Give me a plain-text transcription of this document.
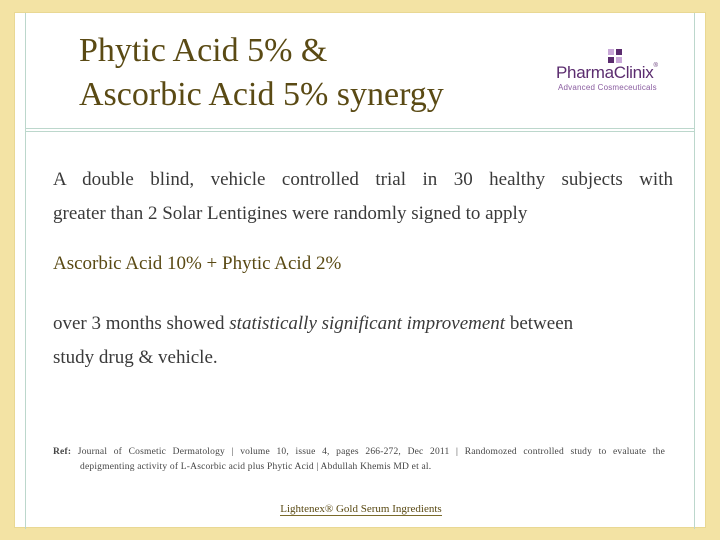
Phytic Acid 5% &
Ascorbic Acid 5% synergy
PharmaClinix®
Advanced Cosmeceuticals
A double blind, vehicle controlled trial in 30 healthy subjects with
greater than 2 Solar Lentigines were randomly signed to apply
Ascorbic Acid 10% + Phytic Acid 2%
over 3 months showed statistically significant improvement between
study drug & vehicle.
Ref: Journal of Cosmetic Dermatology | volume 10, issue 4, pages 266-272, Dec 2011 | Randomozed controlled study to evaluate the
depigmenting activity of L-Ascorbic acid plus Phytic Acid | Abdullah Khemis MD et al.
Lightenex® Gold Serum Ingredients
